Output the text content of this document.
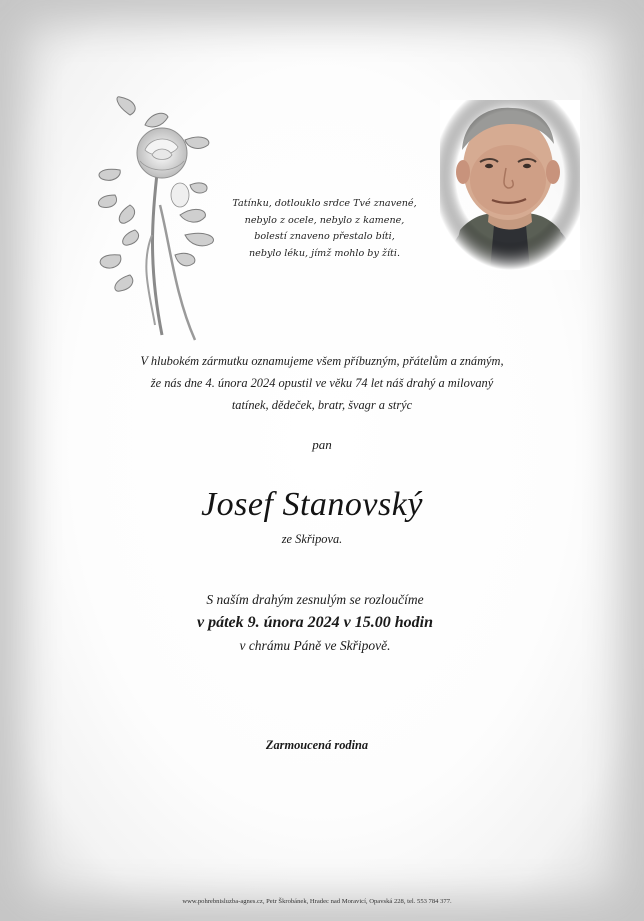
Tatínku, dotlouklo srdce Tvé znavené,
nebylo z ocele, nebylo z kamene,
bolestí znaveno přestalo bíti,
nebylo léku, jímž mohlo by žíti.
V hlubokém zármutku oznamujeme všem příbuzným, přátelům a známým,
že nás dne 4. února 2024 opustil ve věku 74 let náš drahý a milovaný
tatínek, dědeček, bratr, švagr a strýc
pan
Josef Stanovský
ze Skřipova.
S naším drahým zesnulým se rozloučíme
v pátek 9. února 2024 v 15.00 hodin
v chrámu Páně ve Skřipově.
Zarmoucená rodina
www.pohrebnisluzba-agnes.cz, Petr Škrobánek, Hradec nad Moravicí, Opavská 228, tel. 553 784 377.
